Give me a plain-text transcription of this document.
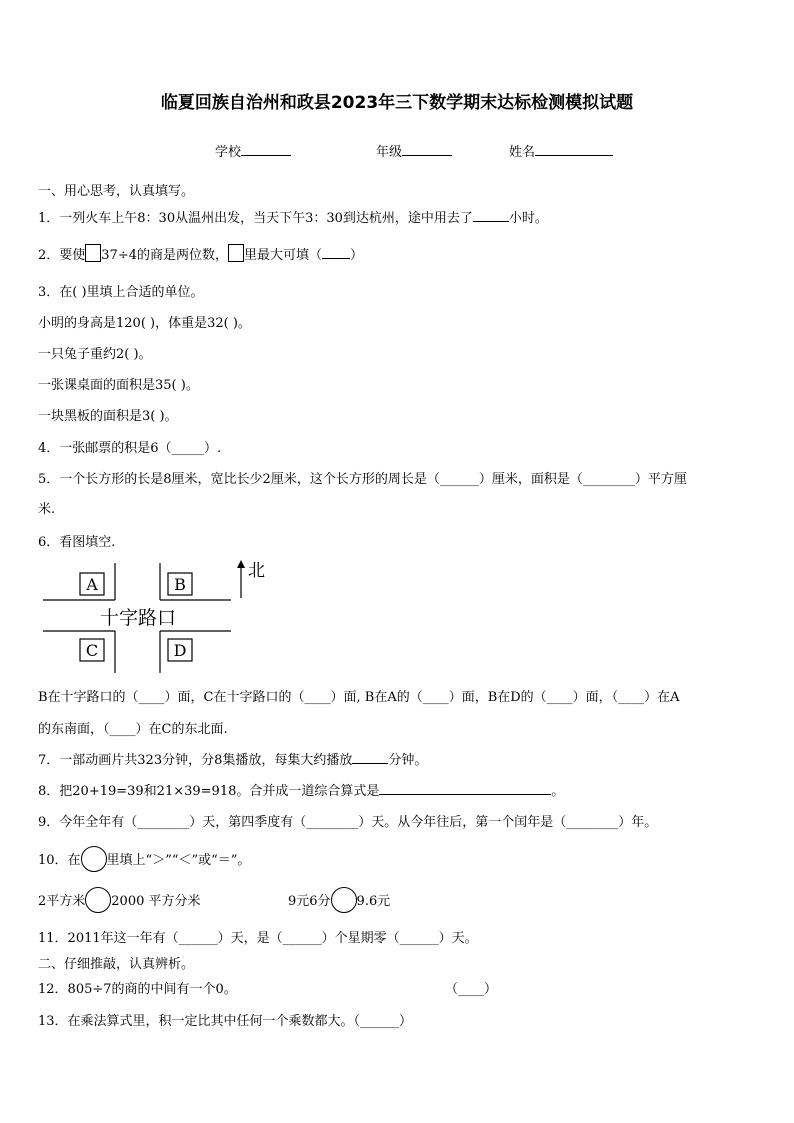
临夏回族自治州和政县2023年三下数学期末达标检测模拟试题
学校	年级	姓名
一、用心思考，认真填写。
1．一列火车上午8：30从温州出发，当天下午3：30到达杭州，途中用去了	小时。
2．要使 37÷4的商是两位数， 里最大可填（ ）
3．在( )里填上合适的单位。
小明的身高是120( )，体重是32( )。
一只兔子重约2( )。
一张课桌面的面积是35( )。
一块黑板的面积是3( )。
4．一张邮票的积是6（_____）.
5．一个长方形的长是8厘米，宽比长少2厘米，这个长方形的周长是（______）厘米，面积是（________）平方厘
米.
6．看图填空.
A	B
C	D
十字路口
北
B在十字路口的（____）面，C在十字路口的（____）面, B在A的（____）面，B在D的（____）面，（____）在A
的东南面，（____）在C的东北面.
7．一部动画片共323分钟，分8集播放，每集大约播放	分钟。
8．把20+19=39和21×39=918。合并成一道综合算式是	。
9．今年全年有（________）天，第四季度有（________）天。从今年往后，第一个闰年是（________）年。
10．在 里填上“＞”“＜”或“＝”。
2平方米 2000 平方分米	9元6分 9.6元
11．2011年这一年有（______）天，是（______）个星期零（______）天。
二、仔细推敲，认真辨析。
12．805÷7的商的中间有一个0。	（____）
13．在乘法算式里，积一定比其中任何一个乘数都大。（______）
